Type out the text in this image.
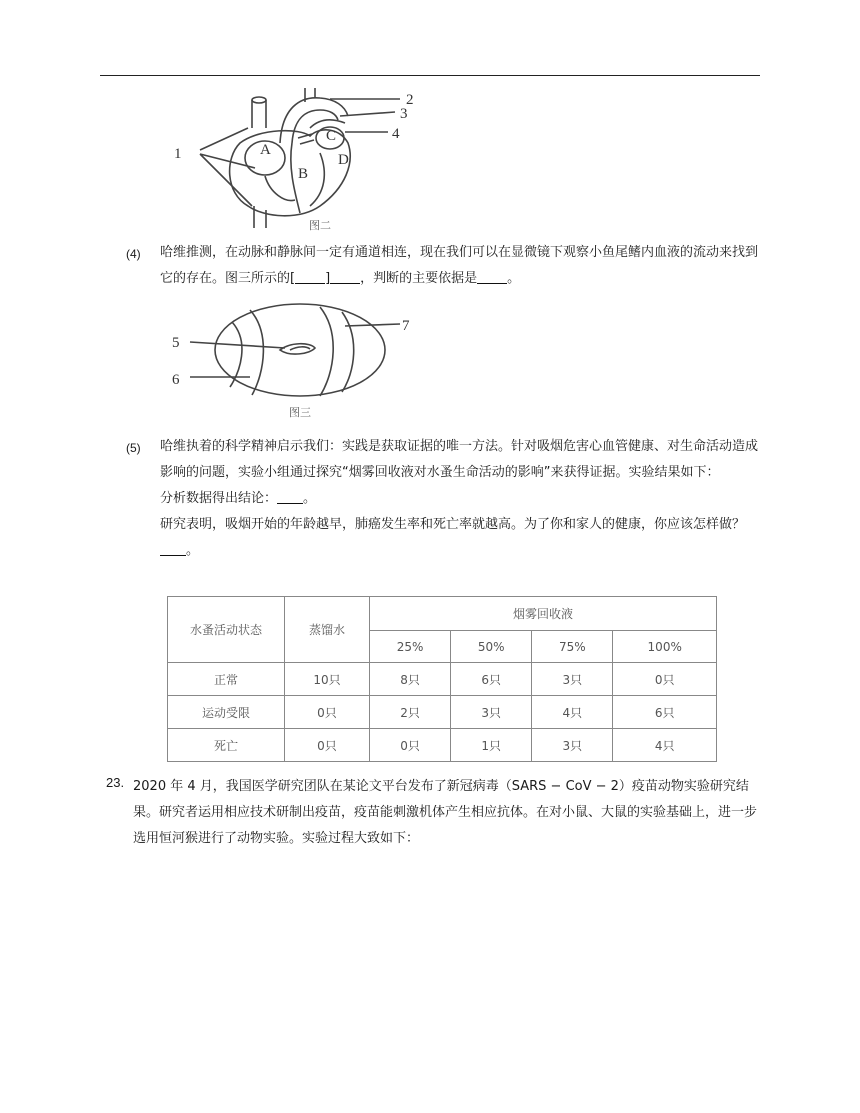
1
2
3
4
A
B
C
D
图二
(4) 哈维推测，在动脉和静脉间一定有通道相连，现在我们可以在显微镜下观察小鱼尾鳍内血液的流动来找到它的存在。图三所示的[ ] ，判断的主要依据是 。
5
6
7
图三
(5) 哈维执着的科学精神启示我们：实践是获取证据的唯一方法。针对吸烟危害心血管健康、对生命活动造成影响的问题，实验小组通过探究“烟雾回收液对水蚤生命活动的影响”来获得证据。实验结果如下：
分析数据得出结论： 。
研究表明，吸烟开始的年龄越早，肺癌发生率和死亡率就越高。为了你和家人的健康，你应该怎样做？。
水蚤活动状态	蒸馏水	烟雾回收液			
		25%	50%	75%	100%
正常	10只	8只	6只	3只	0只
运动受限	0只	2只	3只	4只	6只
死亡	0只	0只	1只	3只	4只
23. 2020 年 4 月，我国医学研究团队在某论文平台发布了新冠病毒（SARS − CoV − 2）疫苗动物实验研究结果。研究者运用相应技术研制出疫苗，疫苗能刺激机体产生相应抗体。在对小鼠、大鼠的实验基础上，进一步选用恒河猴进行了动物实验。实验过程大致如下：
